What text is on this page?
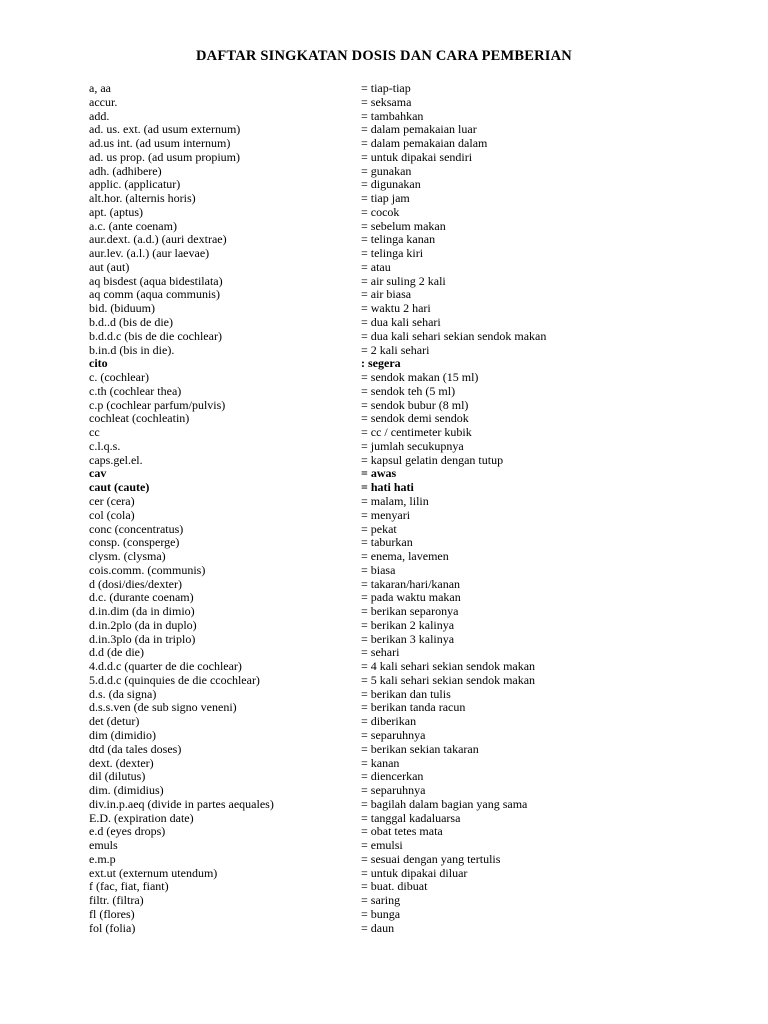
DAFTAR SINGKATAN DOSIS DAN CARA PEMBERIAN
a, aa	= tiap-tiap
accur.	= seksama
add.	= tambahkan
ad. us. ext. (ad usum externum)	= dalam pemakaian luar
ad.us int. (ad usum internum)	= dalam pemakaian dalam
ad. us prop. (ad usum propium)	= untuk dipakai sendiri
adh. (adhibere)	= gunakan
applic. (applicatur)	= digunakan
alt.hor. (alternis horis)	= tiap jam
apt. (aptus)	= cocok
a.c. (ante coenam)	= sebelum makan
aur.dext. (a.d.) (auri dextrae)	= telinga kanan
aur.lev. (a.l.) (aur laevae)	= telinga kiri
aut (aut)	= atau
aq bisdest (aqua bidestilata)	= air suling 2 kali
aq comm (aqua communis)	= air biasa
bid. (biduum)	= waktu 2 hari
b.d..d (bis de die)	= dua kali sehari
b.d.d.c (bis de die cochlear)	= dua kali sehari sekian sendok makan
b.in.d (bis in die).	= 2 kali sehari
cito	: segera
c. (cochlear)	= sendok makan (15 ml)
c.th (cochlear thea)	= sendok teh (5 ml)
c.p (cochlear parfum/pulvis)	= sendok bubur (8 ml)
cochleat (cochleatin)	= sendok demi sendok
cc	= cc / centimeter kubik
c.l.q.s.	= jumlah secukupnya
caps.gel.el.	= kapsul gelatin dengan tutup
cav	= awas
caut (caute)	= hati hati
cer (cera)	= malam, lilin
col (cola)	= menyari
conc (concentratus)	= pekat
consp. (consperge)	= taburkan
clysm. (clysma)	= enema, lavemen
cois.comm. (communis)	= biasa
d (dosi/dies/dexter)	= takaran/hari/kanan
d.c. (durante coenam)	= pada waktu makan
d.in.dim (da in dimio)	= berikan separonya
d.in.2plo (da in duplo)	= berikan 2 kalinya
d.in.3plo (da in triplo)	= berikan 3 kalinya
d.d (de die)	= sehari
4.d.d.c (quarter de die cochlear)	= 4 kali sehari sekian sendok makan
5.d.d.c (quinquies de die ccochlear)	= 5 kali sehari sekian sendok makan
d.s. (da signa)	= berikan dan tulis
d.s.s.ven (de sub signo veneni)	= berikan tanda racun
det (detur)	= diberikan
dim (dimidio)	= separuhnya
dtd (da tales doses)	= berikan sekian takaran
dext. (dexter)	= kanan
dil (dilutus)	= diencerkan
dim. (dimidius)	= separuhnya
div.in.p.aeq (divide in partes aequales)	= bagilah dalam bagian yang sama
E.D. (expiration date)	= tanggal kadaluarsa
e.d (eyes drops)	= obat tetes mata
emuls	= emulsi
e.m.p	= sesuai dengan yang tertulis
ext.ut (externum utendum)	= untuk dipakai diluar
f (fac, fiat, fiant)	= buat. dibuat
filtr. (filtra)	= saring
fl (flores)	= bunga
fol (folia)	= daun
